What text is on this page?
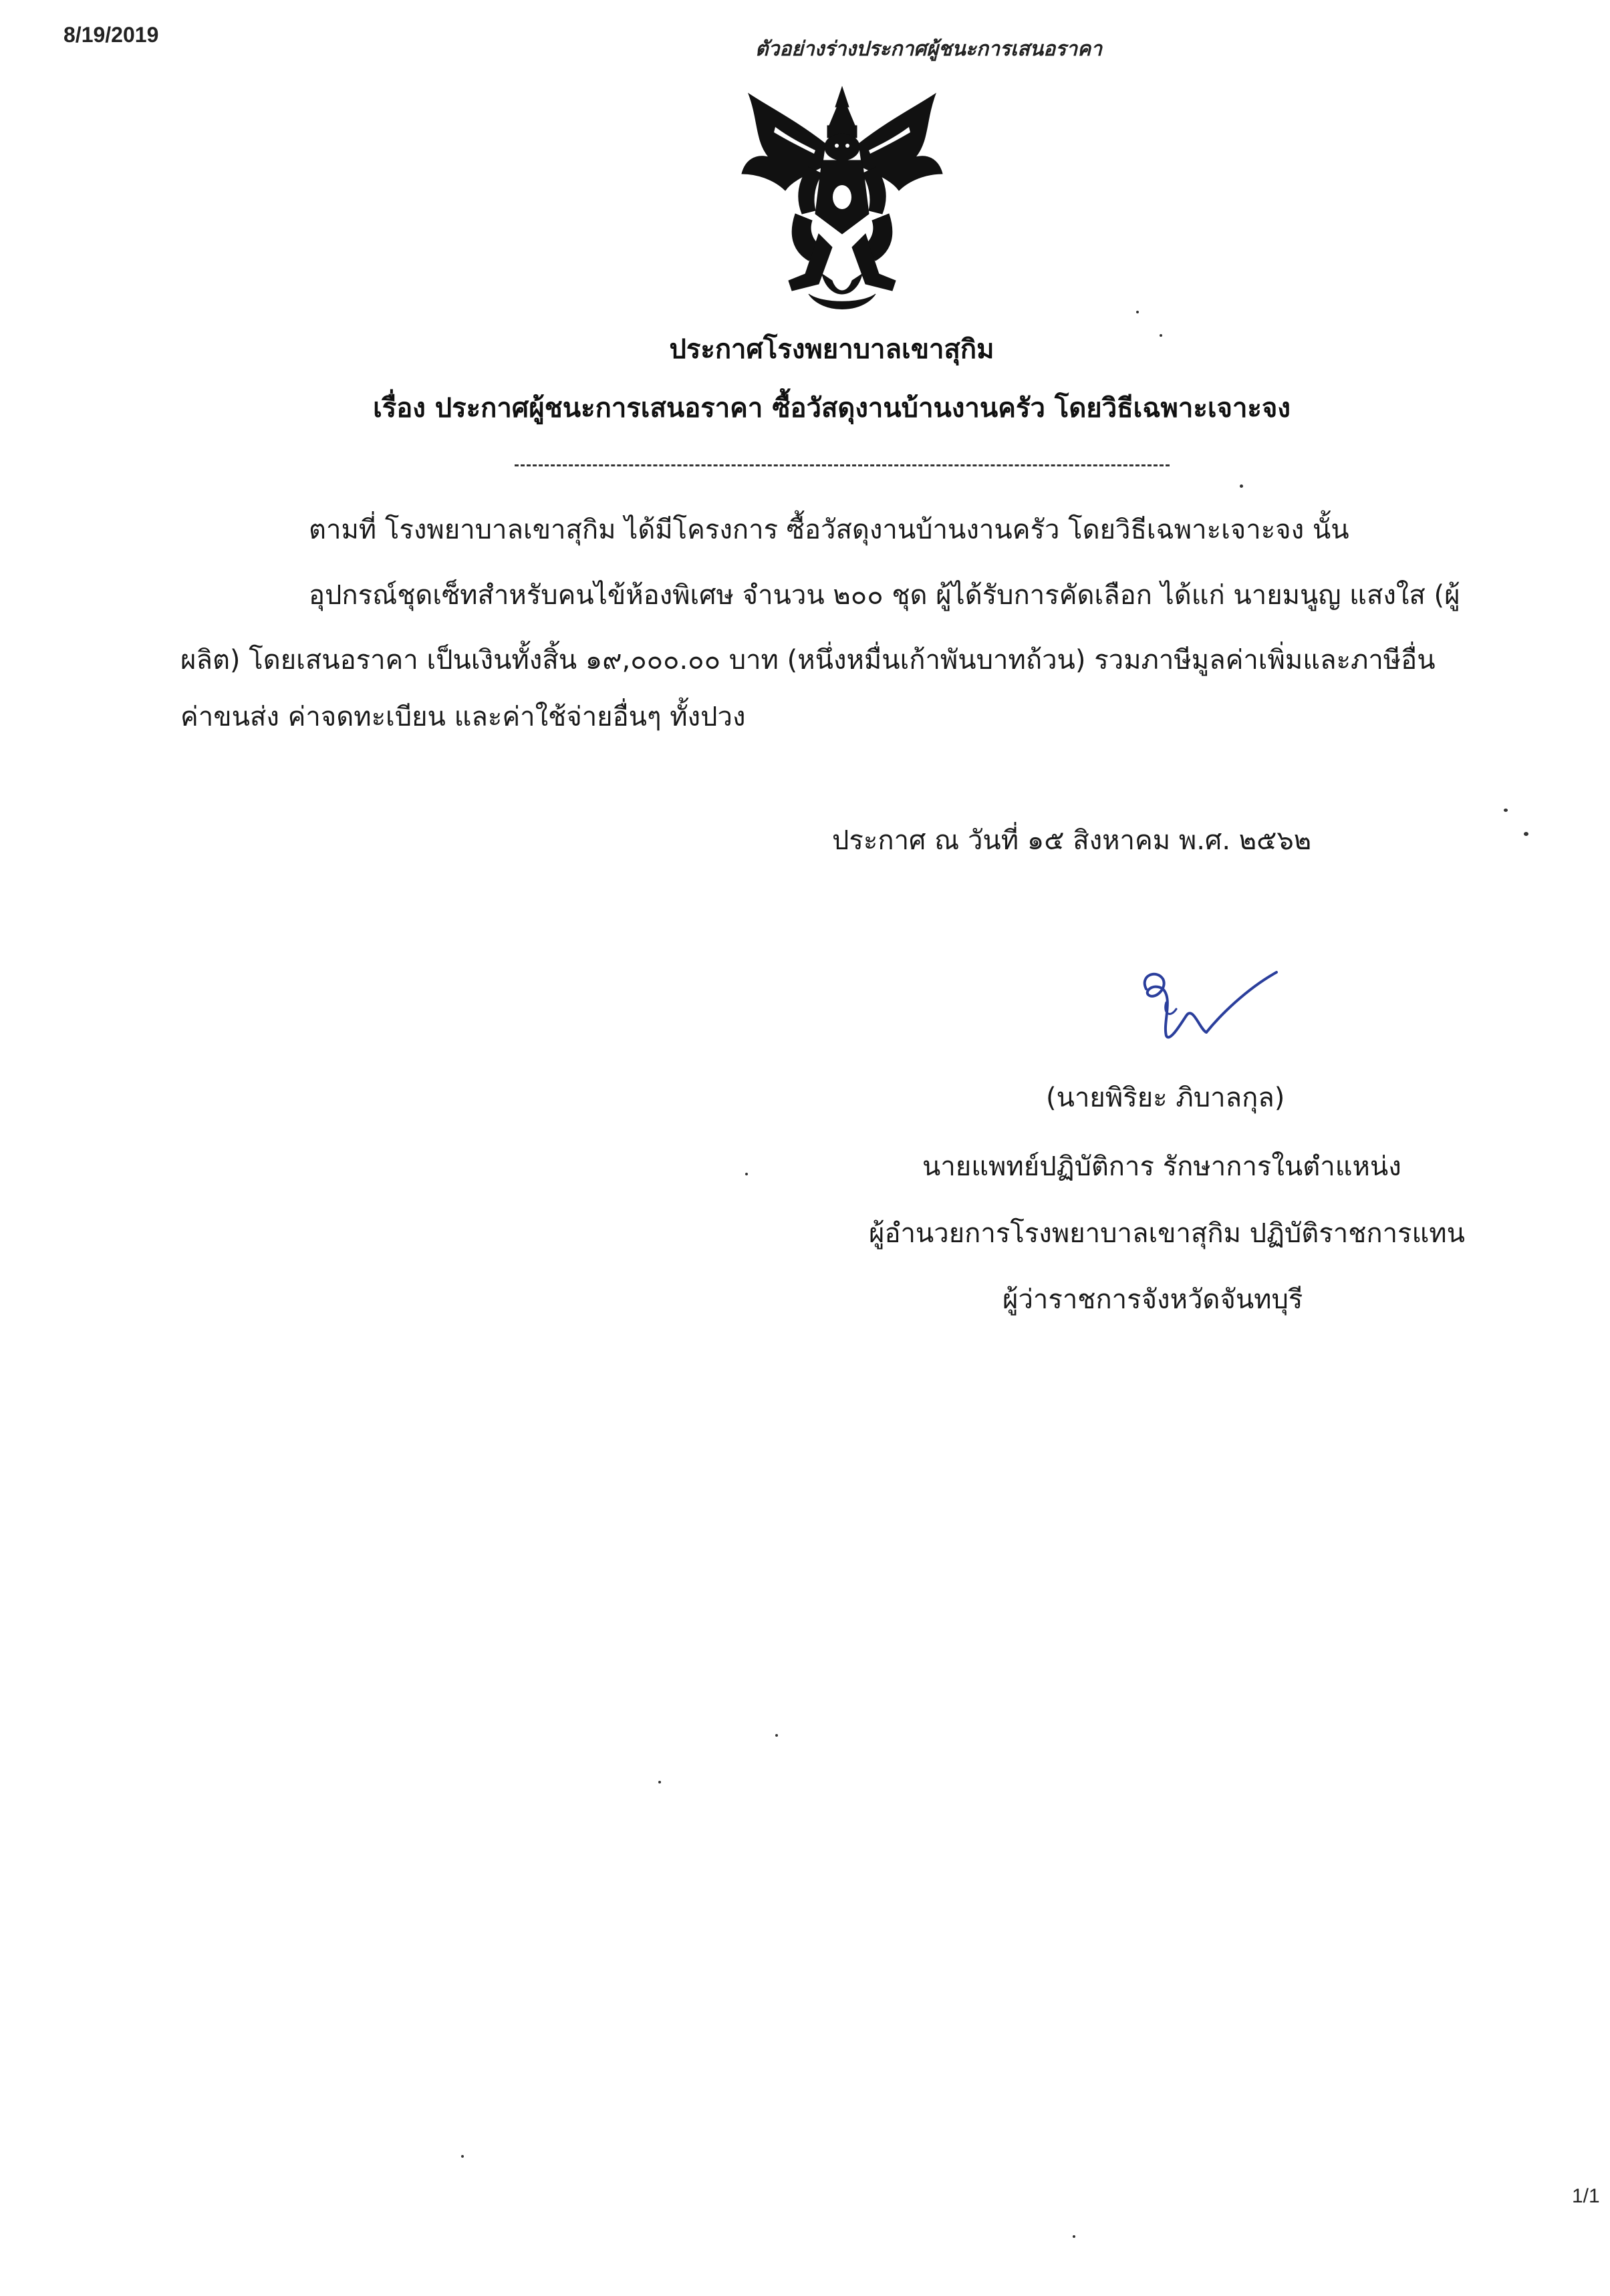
8/19/2019
ตัวอย่างร่างประกาศผู้ชนะการเสนอราคา
ประกาศโรงพยาบาลเขาสุกิม
เรื่อง ประกาศผู้ชนะการเสนอราคา ซื้อวัสดุงานบ้านงานครัว โดยวิธีเฉพาะเจาะจง
ตามที่ โรงพยาบาลเขาสุกิม ได้มีโครงการ ซื้อวัสดุงานบ้านงานครัว โดยวิธีเฉพาะเจาะจง นั้น
อุปกรณ์ชุดเซ็ทสำหรับคนไข้ห้องพิเศษ จำนวน ๒๐๐ ชุด ผู้ได้รับการคัดเลือก ได้แก่ นายมนูญ แสงใส (ผู้
ผลิต) โดยเสนอราคา เป็นเงินทั้งสิ้น ๑๙,๐๐๐.๐๐ บาท (หนึ่งหมื่นเก้าพันบาทถ้วน) รวมภาษีมูลค่าเพิ่มและภาษีอื่น
ค่าขนส่ง ค่าจดทะเบียน และค่าใช้จ่ายอื่นๆ ทั้งปวง
ประกาศ ณ วันที่ ๑๕ สิงหาคม พ.ศ. ๒๕๖๒
(นายพิริยะ ภิบาลกุล)
นายแพทย์ปฏิบัติการ รักษาการในตำแหน่ง
ผู้อำนวยการโรงพยาบาลเขาสุกิม ปฏิบัติราชการแทน
ผู้ว่าราชการจังหวัดจันทบุรี
1/1
